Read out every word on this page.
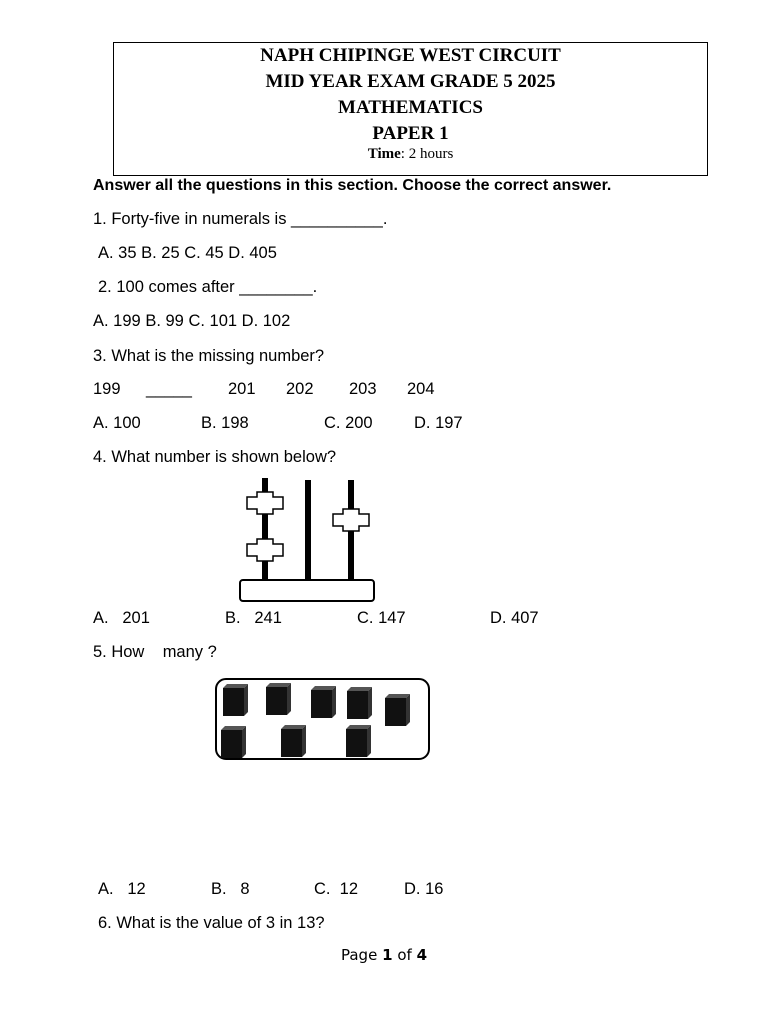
NAPH CHIPINGE WEST CIRCUIT
MID YEAR EXAM GRADE 5 2025
MATHEMATICS
PAPER 1
Time: 2 hours
Answer all the questions in this section. Choose the correct answer.
1. Forty-five in numerals is __________.
A. 35 B. 25 C. 45 D. 405
2. 100 comes after ________.
A. 199 B. 99 C. 101 D. 102
3. What is the missing number?
199 _____ 201 202 203 204
A. 100	B. 198	C. 200	D. 197
4. What number is shown below?
A.   201	B.   241	C. 147	D. 407
5. How    many ?
A.   12	B.   8	C.  12	D. 16
6. What is the value of 3 in 13?
Page 1 of 4
